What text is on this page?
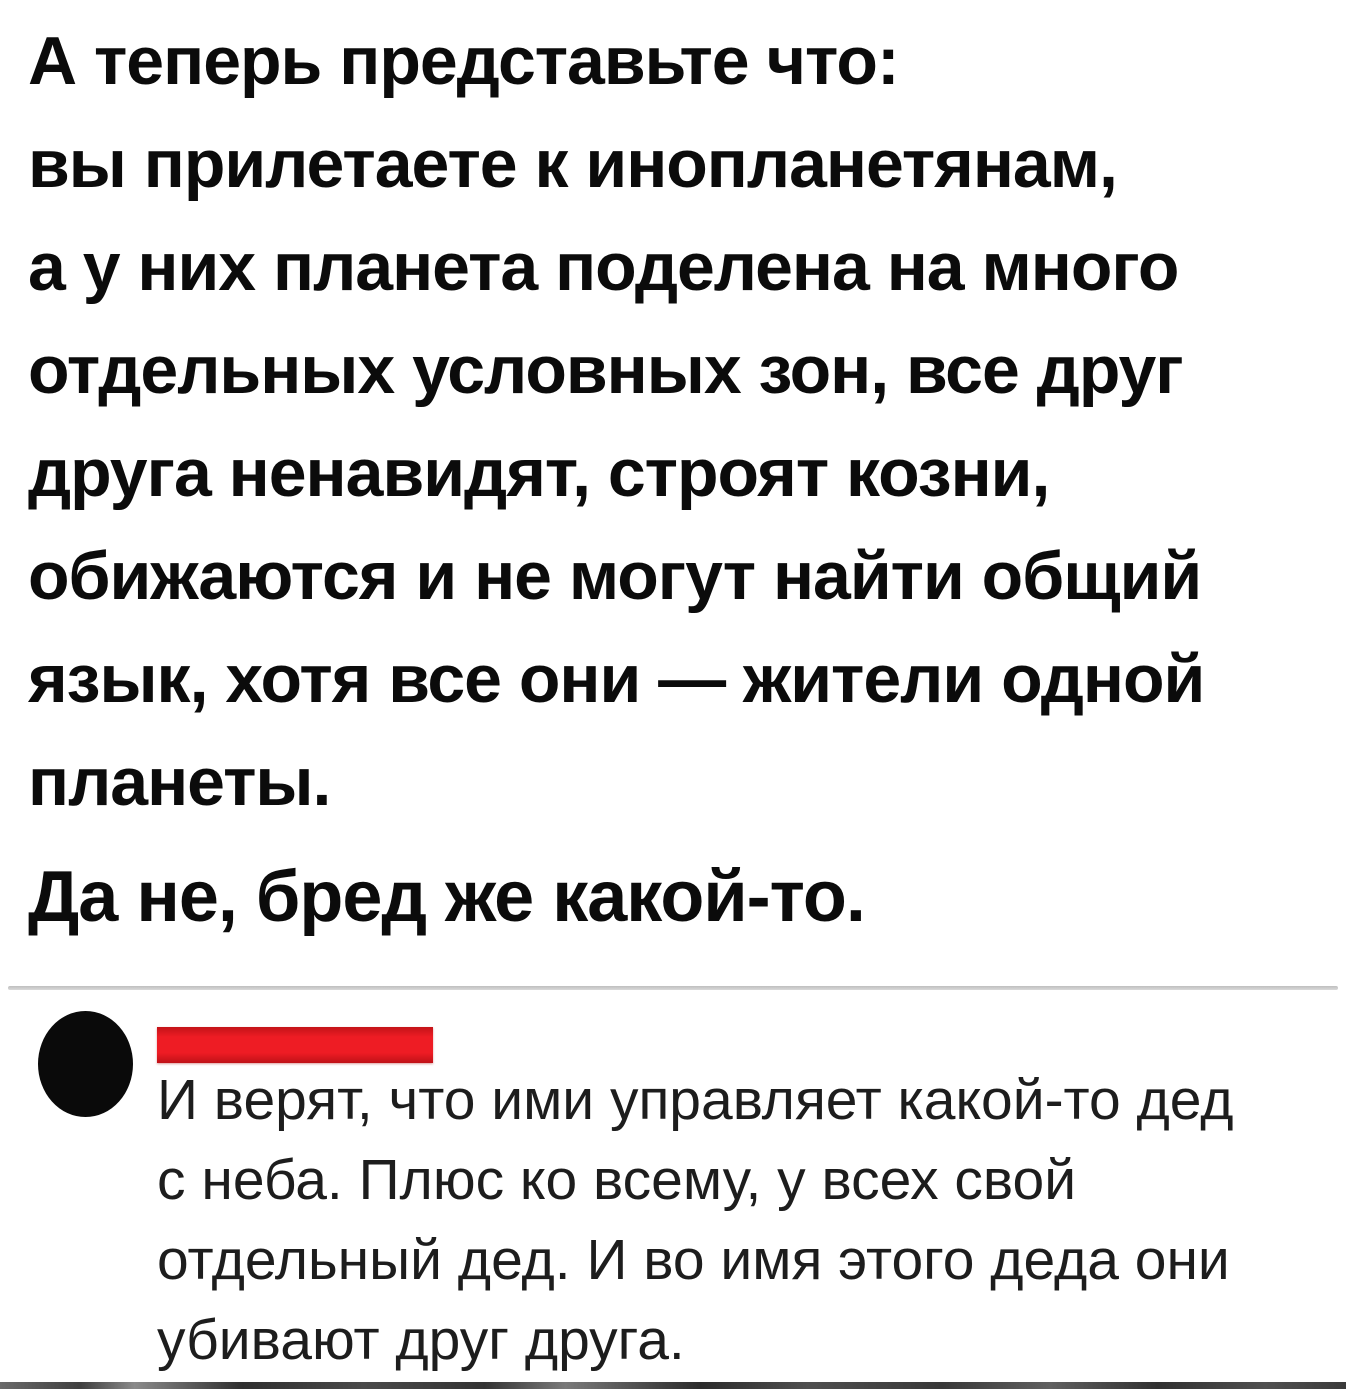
А теперь представьте что:
вы прилетаете к инопланетянам,
а у них планета поделена на много
отдельных условных зон, все друг
друга ненавидят, строят козни,
обижаются и не могут найти общий
язык, хотя все они — жители одной
планеты.
Да не, бред же какой-то.
И верят, что ими управляет какой-то дед
с неба. Плюс ко всему, у всех свой
отдельный дед. И во имя этого деда они
убивают друг друга.
